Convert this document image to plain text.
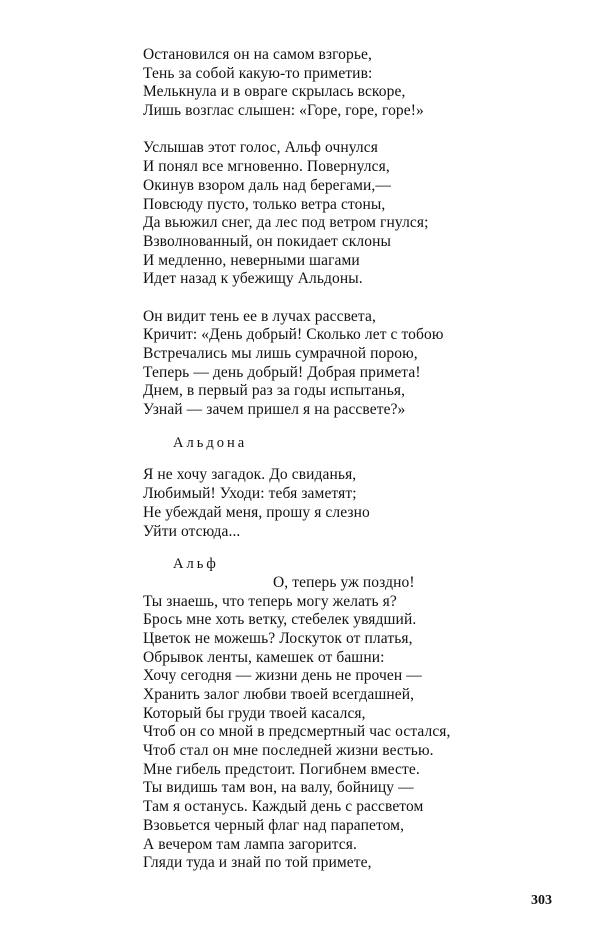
Остановился он на самом взгорье,
Тень за собой какую-то приметив:
Мелькнула и в овраге скрылась вскоре,
Лишь возглас слышен: «Горе, горе, горе!»
Услышав этот голос, Альф очнулся
И понял все мгновенно. Повернулся,
Окинув взором даль над берегами,—
Повсюду пусто, только ветра стоны,
Да вьюжил снег, да лес под ветром гнулся;
Взволнованный, он покидает склоны
И медленно, неверными шагами
Идет назад к убежищу Альдоны.
Он видит тень ее в лучах рассвета,
Кричит: «День добрый! Сколько лет с тобою
Встречались мы лишь сумрачной порою,
Теперь — день добрый! Добрая примета!
Днем, в первый раз за годы испытанья,
Узнай — зачем пришел я на рассвете?»
Альдона
Я не хочу загадок. До свиданья,
Любимый! Уходи: тебя заметят;
Не убеждай меня, прошу я слезно
Уйти отсюда...
Альф
О, теперь уж поздно!
Ты знаешь, что теперь могу желать я?
Брось мне хоть ветку, стебелек увядший.
Цветок не можешь? Лоскуток от платья,
Обрывок ленты, камешек от башни:
Хочу сегодня — жизни день не прочен —
Хранить залог любви твоей всегдашней,
Который бы груди твоей касался,
Чтоб он со мной в предсмертный час остался,
Чтоб стал он мне последней жизни вестью.
Мне гибель предстоит. Погибнем вместе.
Ты видишь там вон, на валу, бойницу —
Там я останусь. Каждый день с рассветом
Взовьется черный флаг над парапетом,
А вечером там лампа загорится.
Гляди туда и знай по той примете,
303
